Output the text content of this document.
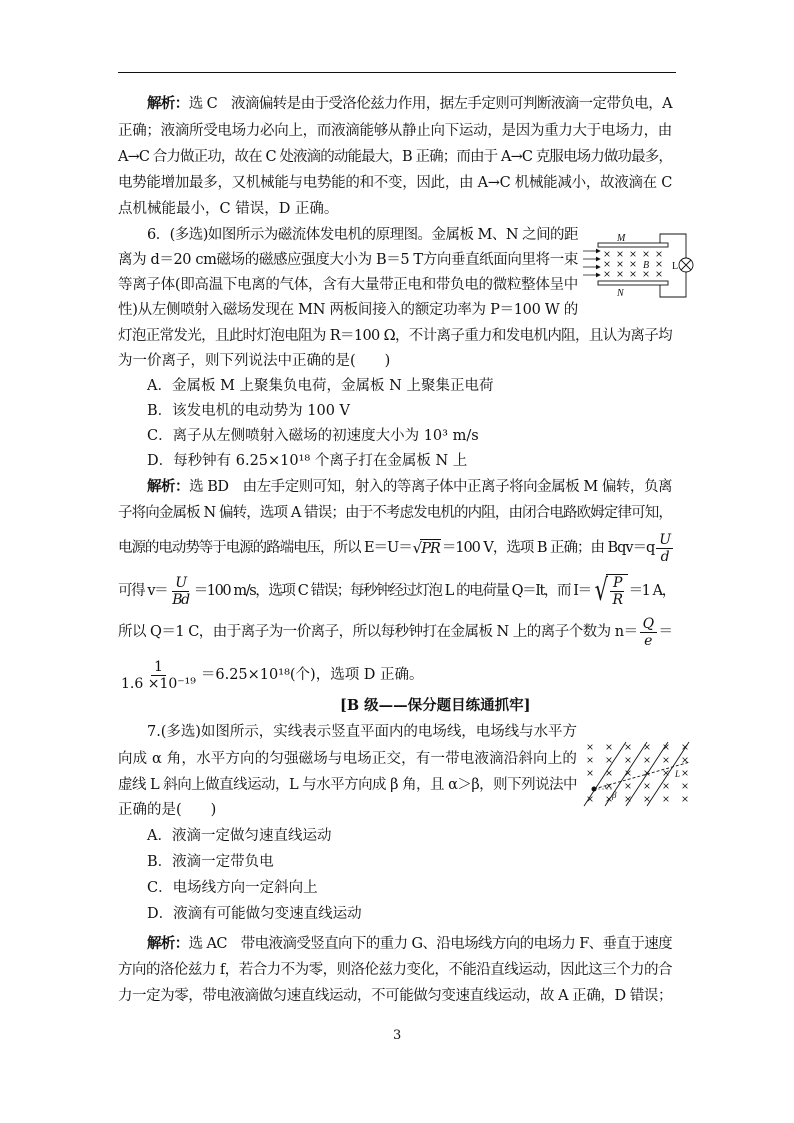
解析： 选 C　液滴偏转是由于受洛伦兹力作用，据左手定则可判断液滴一定带负电，A
正确；液滴所受电场力必向上，而液滴能够从静止向下运动，是因为重力大于电场力，由
A→C 合力做正功，故在 C 处液滴的动能最大，B 正确；而由于 A→C 克服电场力做功最多，
电势能增加最多，又机械能与电势能的和不变，因此，由 A→C 机械能减小，故液滴在 C
点机械能最小，C 错误，D 正确。
6．(多选)如图所示为磁流体发电机的原理图。金属板 M、N 之间的距
离为 d＝20 cm磁场的磁感应强度大小为 B＝5 T方向垂直纸面向里将一束
等离子体(即高温下电离的气体，含有大量带正电和带负电的微粒整体呈中
性)从左侧喷射入磁场发现在 MN 两板间接入的额定功率为 P＝100 W 的
灯泡正常发光，且此时灯泡电阻为 R＝100 Ω，不计离子重力和发电机内阻，且认为离子均
为一价离子，则下列说法中正确的是(　　)
A．金属板 M 上聚集负电荷，金属板 N 上聚集正电荷
B．该发电机的电动势为 100 V
C．离子从左侧喷射入磁场的初速度大小为 10³ m/s
D．每秒钟有 6.25×10¹⁸ 个离子打在金属板 N 上
M
N
B L
解析： 选 BD　由左手定则可知，射入的等离子体中正离子将向金属板 M 偏转，负离
子将向金属板 N 偏转，选项 A 错误；由于不考虑发电机的内阻，由闭合电路欧姆定律可知，
电源的电动势等于电源的路端电压，所以 E＝U＝ √ PR ＝100 V，选项 B 正确；由 $Bqv=q \frac{U}{d}$
可得 $v= \frac{U}{Bd} =100$ m/s，选项 C 错误；每秒钟经过灯泡 L 的电荷量 Q＝It，而 I＝ √ $\frac{P}{R} =1$ A，
所以 Q＝1 C，由于离子为一价离子，所以每秒钟打在金属板 N 上的离子个数为 $n= \frac{Q}{e}$ ＝
$\frac{1}{\text{1.6 ×10⁻¹⁹}} =6.25\times 10^{18}$(个)，选项 D 正确。
[B 级——保分题目练通抓牢]
7.(多选)如图所示，实线表示竖直平面内的电场线，电场线与水平方
向成 α 角，水平方向的匀强磁场与电场正交，有一带电液滴沿斜向上的
虚线 L 斜向上做直线运动，L 与水平方向成 β 角，且 α＞β，则下列说法中
正确的是(　　)
A．液滴一定做匀速直线运动
B．液滴一定带负电
C．电场线方向一定斜向上
D．液滴有可能做匀变速直线运动
β
L
解析： 选 AC　带电液滴受竖直向下的重力 G、沿电场线方向的电场力 F、垂直于速度
方向的洛伦兹力 f，若合力不为零，则洛伦兹力变化，不能沿直线运动，因此这三个力的合
力一定为零，带电液滴做匀速直线运动，不可能做匀变速直线运动，故 A 正确，D 错误；
3
